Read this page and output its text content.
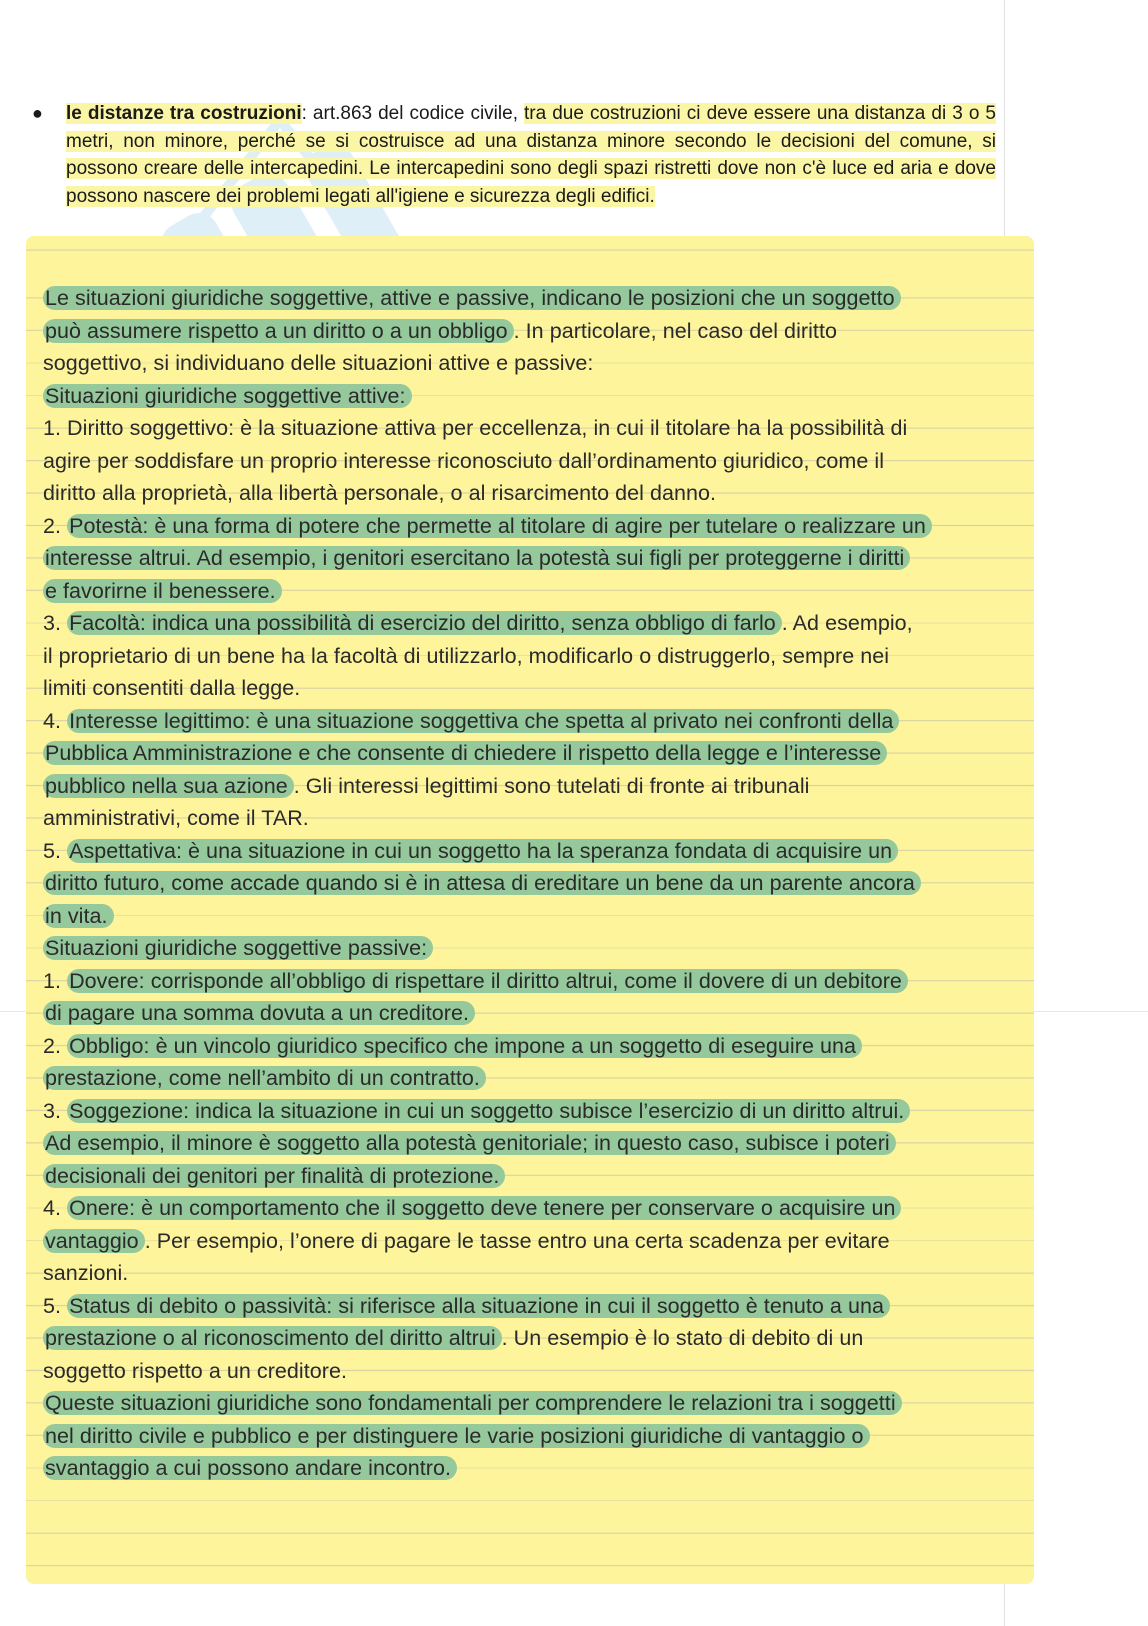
●	le distanze tra costruzioni: art.863 del codice civile, tra due costruzioni ci deve essere una distanza di 3 o 5 metri, non minore, perché se si costruisce ad una distanza minore secondo le decisioni del comune, si possono creare delle intercapedini. Le intercapedini sono degli spazi ristretti dove non c'è luce ed aria e dove possono nascere dei problemi legati all'igiene e sicurezza degli edifici.
Le situazioni giuridiche soggettive, attive e passive, indicano le posizioni che un soggetto
può assumere rispetto a un diritto o a un obbligo . In particolare, nel caso del diritto
soggettivo, si individuano delle situazioni attive e passive:
Situazioni giuridiche soggettive attive:
1. Diritto soggettivo: è la situazione attiva per eccellenza, in cui il titolare ha la possibilità di
agire per soddisfare un proprio interesse riconosciuto dall’ordinamento giuridico, come il
diritto alla proprietà, alla libertà personale, o al risarcimento del danno.
2. Potestà: è una forma di potere che permette al titolare di agire per tutelare o realizzare un
interesse altrui. Ad esempio, i genitori esercitano la potestà sui figli per proteggerne i diritti
e favorirne il benessere.
3. Facoltà: indica una possibilità di esercizio del diritto, senza obbligo di farlo . Ad esempio,
il proprietario di un bene ha la facoltà di utilizzarlo, modificarlo o distruggerlo, sempre nei
limiti consentiti dalla legge.
4. Interesse legittimo: è una situazione soggettiva che spetta al privato nei confronti della
Pubblica Amministrazione e che consente di chiedere il rispetto della legge e l’interesse
pubblico nella sua azione . Gli interessi legittimi sono tutelati di fronte ai tribunali
amministrativi, come il TAR.
5. Aspettativa: è una situazione in cui un soggetto ha la speranza fondata di acquisire un
diritto futuro, come accade quando si è in attesa di ereditare un bene da un parente ancora
in vita.
Situazioni giuridiche soggettive passive:
1. Dovere: corrisponde all’obbligo di rispettare il diritto altrui, come il dovere di un debitore
di pagare una somma dovuta a un creditore.
2. Obbligo: è un vincolo giuridico specifico che impone a un soggetto di eseguire una
prestazione, come nell’ambito di un contratto.
3. Soggezione: indica la situazione in cui un soggetto subisce l’esercizio di un diritto altrui.
Ad esempio, il minore è soggetto alla potestà genitoriale; in questo caso, subisce i poteri
decisionali dei genitori per finalità di protezione.
4. Onere: è un comportamento che il soggetto deve tenere per conservare o acquisire un
vantaggio . Per esempio, l’onere di pagare le tasse entro una certa scadenza per evitare
sanzioni.
5. Status di debito o passività: si riferisce alla situazione in cui il soggetto è tenuto a una
prestazione o al riconoscimento del diritto altrui . Un esempio è lo stato di debito di un
soggetto rispetto a un creditore.
Queste situazioni giuridiche sono fondamentali per comprendere le relazioni tra i soggetti
nel diritto civile e pubblico e per distinguere le varie posizioni giuridiche di vantaggio o
svantaggio a cui possono andare incontro.
